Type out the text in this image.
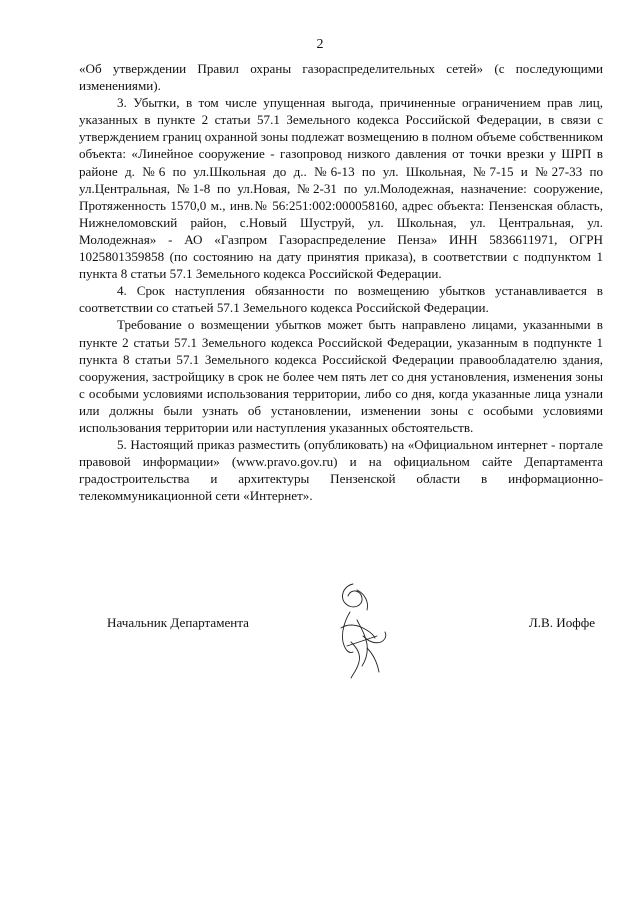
2

«Об утверждении Правил охраны газораспределительных сетей» (с последующими изменениями).

3. Убытки, в том числе упущенная выгода, причиненные ограничением прав лиц, указанных в пункте 2 статьи 57.1 Земельного кодекса Российской Федерации, в связи с утверждением границ охранной зоны подлежат возмещению в полном объеме собственником объекта: «Линейное сооружение - газопровод низкого давления от точки врезки у ШРП в районе д. №6 по ул.Школьная до д.. №6-13 по ул. Школьная, №7-15 и №27-33 по ул.Центральная, №1-8 по ул.Новая, №2-31 по ул.Молодежная, назначение: сооружение, Протяженность 1570,0 м., инв.№ 56:251:002:000058160, адрес объекта: Пензенская область, Нижнеломовский район, с.Новый Шуструй, ул. Школьная, ул. Центральная, ул. Молодежная» - АО «Газпром Газораспределение Пенза» ИНН 5836611971, ОГРН 1025801359858 (по состоянию на дату принятия приказа), в соответствии с подпунктом 1 пункта 8 статьи 57.1 Земельного кодекса Российской Федерации.

4. Срок наступления обязанности по возмещению убытков устанавливается в соответствии со статьей 57.1 Земельного кодекса Российской Федерации.

Требование о возмещении убытков может быть направлено лицами, указанными в пункте 2 статьи 57.1 Земельного кодекса Российской Федерации, указанным в подпункте 1 пункта 8 статьи 57.1 Земельного кодекса Российской Федерации правообладателю здания, сооружения, застройщику в срок не более чем пять лет со дня установления, изменения зоны с особыми условиями использования территории, либо со дня, когда указанные лица узнали или должны были узнать об установлении, изменении зоны с особыми условиями использования территории или наступления указанных обстоятельств.

5. Настоящий приказ разместить (опубликовать) на «Официальном интернет - портале правовой информации» (www.pravo.gov.ru) и на официальном сайте Департамента градостроительства и архитектуры Пензенской области в информационно-телекоммуникационной сети «Интернет».

Начальник Департамента	Л.В. Иоффе
